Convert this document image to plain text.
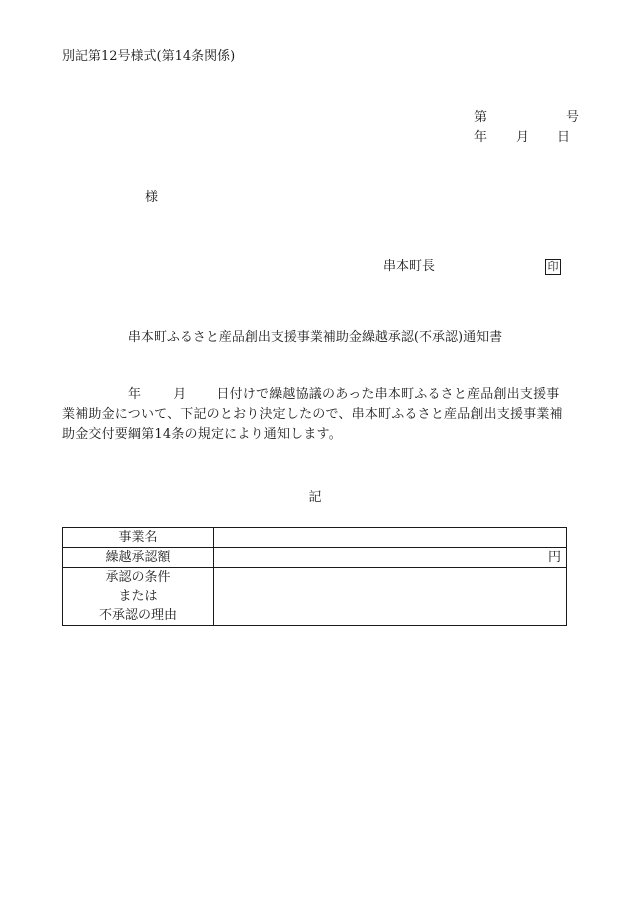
別記第12号様式(第14条関係)
第	号
年 月 日
様
串本町長	印
串本町ふるさと産品創出支援事業補助金繰越承認(不承認)通知書
年 月 日付けで繰越協議のあった串本町ふるさと産品創出支援事業補助金について、下記のとおり決定したので、串本町ふるさと産品創出支援事業補助金交付要綱第14条の規定により通知します。
記
事業名	
繰越承認額	円

承認の条件
または
不承認の理由	
